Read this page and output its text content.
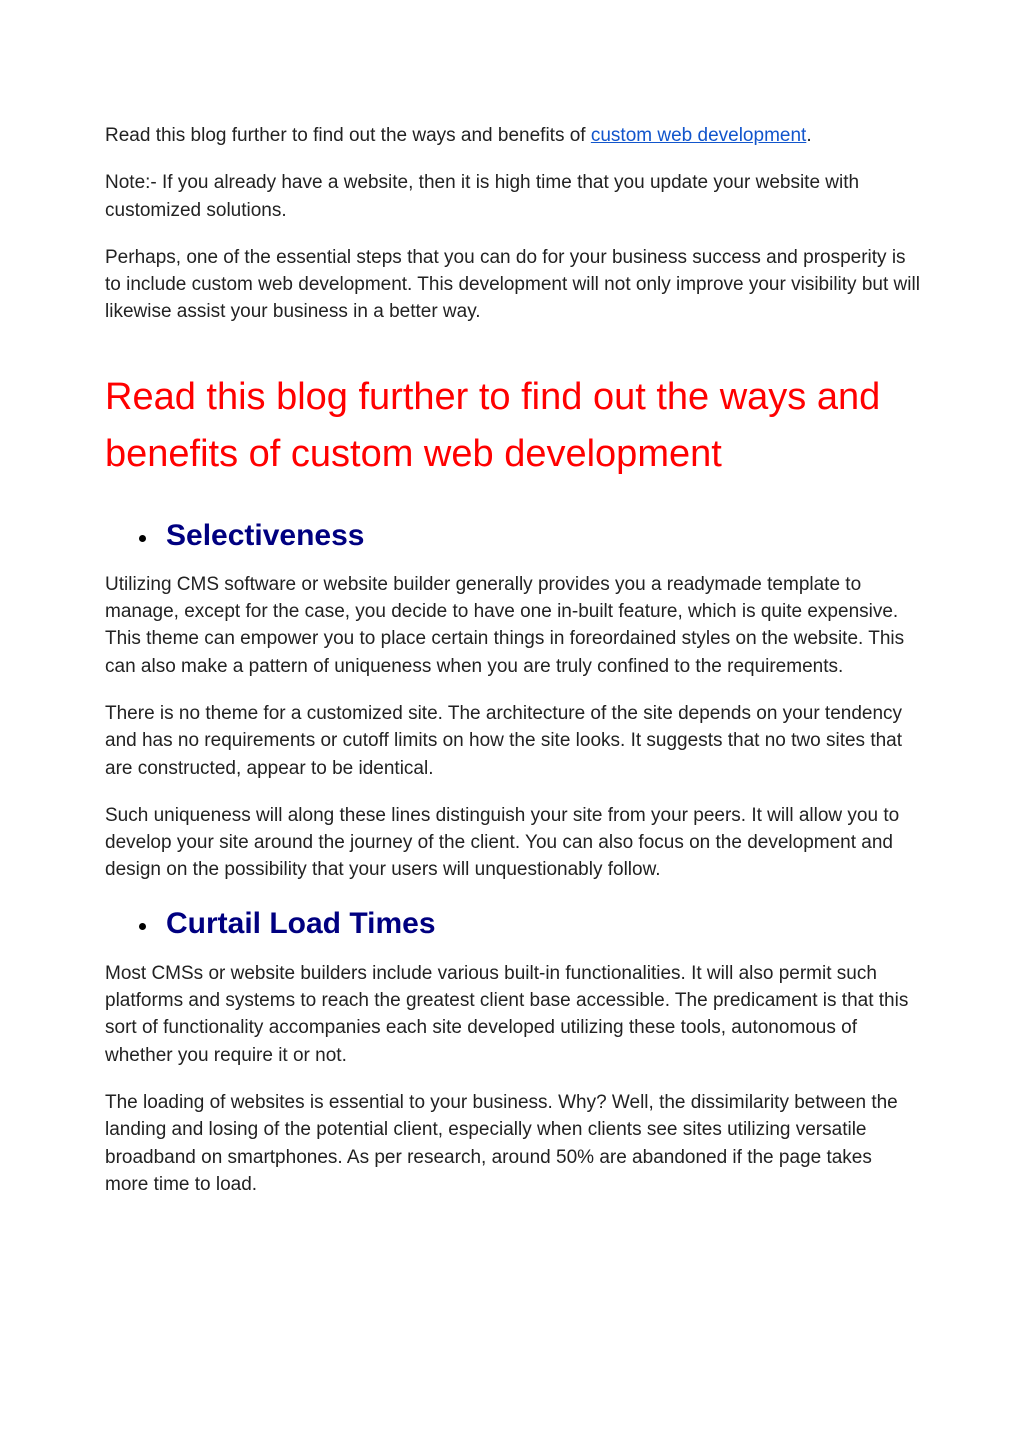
Read this blog further to find out the ways and benefits of custom web development.

Note:- If you already have a website, then it is high time that you update your website with customized solutions.

Perhaps, one of the essential steps that you can do for your business success and prosperity is to include custom web development. This development will not only improve your visibility but will likewise assist your business in a better way.

Read this blog further to find out the ways and benefits of custom web development
Selectiveness

Utilizing CMS software or website builder generally provides you a readymade template to manage, except for the case, you decide to have one in-built feature, which is quite expensive. This theme can empower you to place certain things in foreordained styles on the website. This can also make a pattern of uniqueness when you are truly confined to the requirements.

There is no theme for a customized site. The architecture of the site depends on your tendency and has no requirements or cutoff limits on how the site looks. It suggests that no two sites that are constructed, appear to be identical.

Such uniqueness will along these lines distinguish your site from your peers. It will allow you to develop your site around the journey of the client. You can also focus on the development and design on the possibility that your users will unquestionably follow.

Curtail Load Times

Most CMSs or website builders include various built-in functionalities. It will also permit such platforms and systems to reach the greatest client base accessible. The predicament is that this sort of functionality accompanies each site developed utilizing these tools, autonomous of whether you require it or not.

The loading of websites is essential to your business. Why? Well, the dissimilarity between the landing and losing of the potential client, especially when clients see sites utilizing versatile broadband on smartphones. As per research, around 50% are abandoned if the page takes more time to load.
